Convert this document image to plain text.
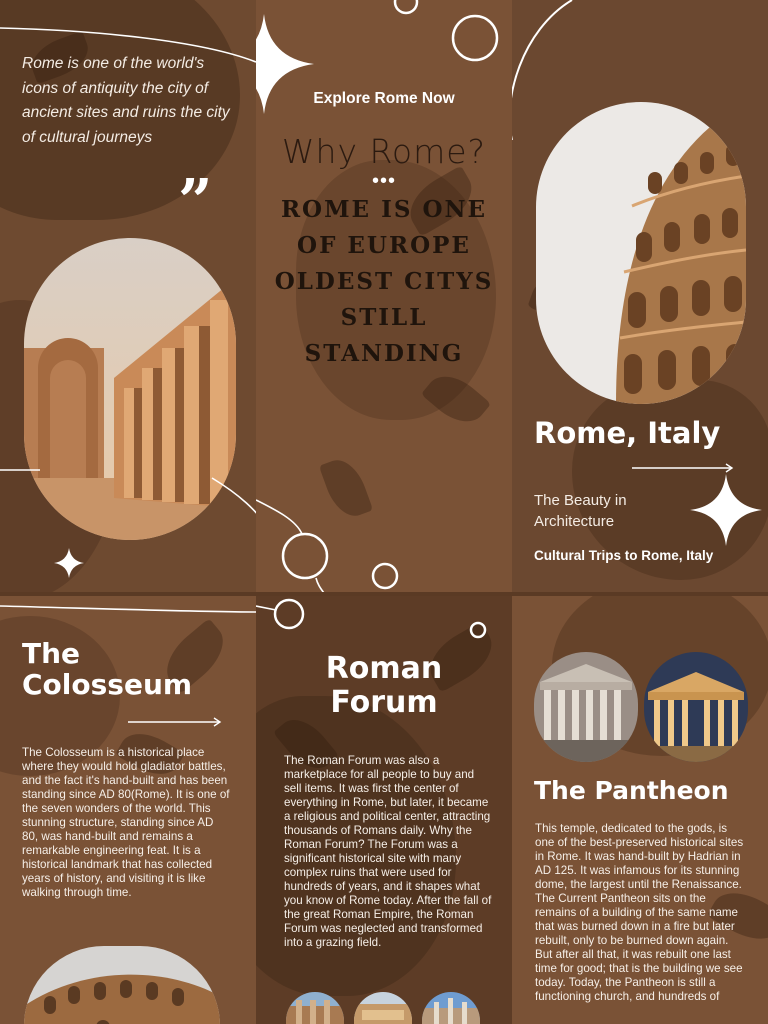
Rome is one of the world's icons of antiquity the city of ancient sites and ruins the city of cultural journeys
”
Explore Rome Now
Why Rome?
•••
ROME IS ONE
OF EUROPE
OLDEST CITYS
STILL
STANDING
Rome, Italy
The Beauty in Architecture
Cultural Trips to Rome, Italy
The
Colosseum
The Colosseum is a historical place where they would hold gladiator battles, and the fact it's hand-built and has been standing since AD 80(Rome). It is one of the seven wonders of the world. This stunning structure, standing since AD 80, was hand-built and remains a remarkable engineering feat. It is a historical landmark that has collected years of history, and visiting it is like walking through time.
Roman
Forum
The Roman Forum was also a marketplace for all people to buy and sell items. It was first the center of everything in Rome, but later, it became a religious and political center, attracting thousands of Romans daily. Why the Roman Forum? The Forum was a significant historical site with many complex ruins that were used for hundreds of years, and it shapes what you know of Rome today. After the fall of the great Roman Empire, the Roman Forum was neglected and transformed into a grazing field.
The Pantheon
This temple, dedicated to the gods, is one of the best-preserved historical sites in Rome. It was hand-built by Hadrian in AD 125. It was infamous for its stunning dome, the largest until the Renaissance. The Current Pantheon sits on the remains of a building of the same name that was burned down in a fire but later rebuilt, only to be burned down again. But after all that, it was rebuilt one last time for good; that is the building we see today. Today, the Pantheon is still a functioning church, and hundreds of
